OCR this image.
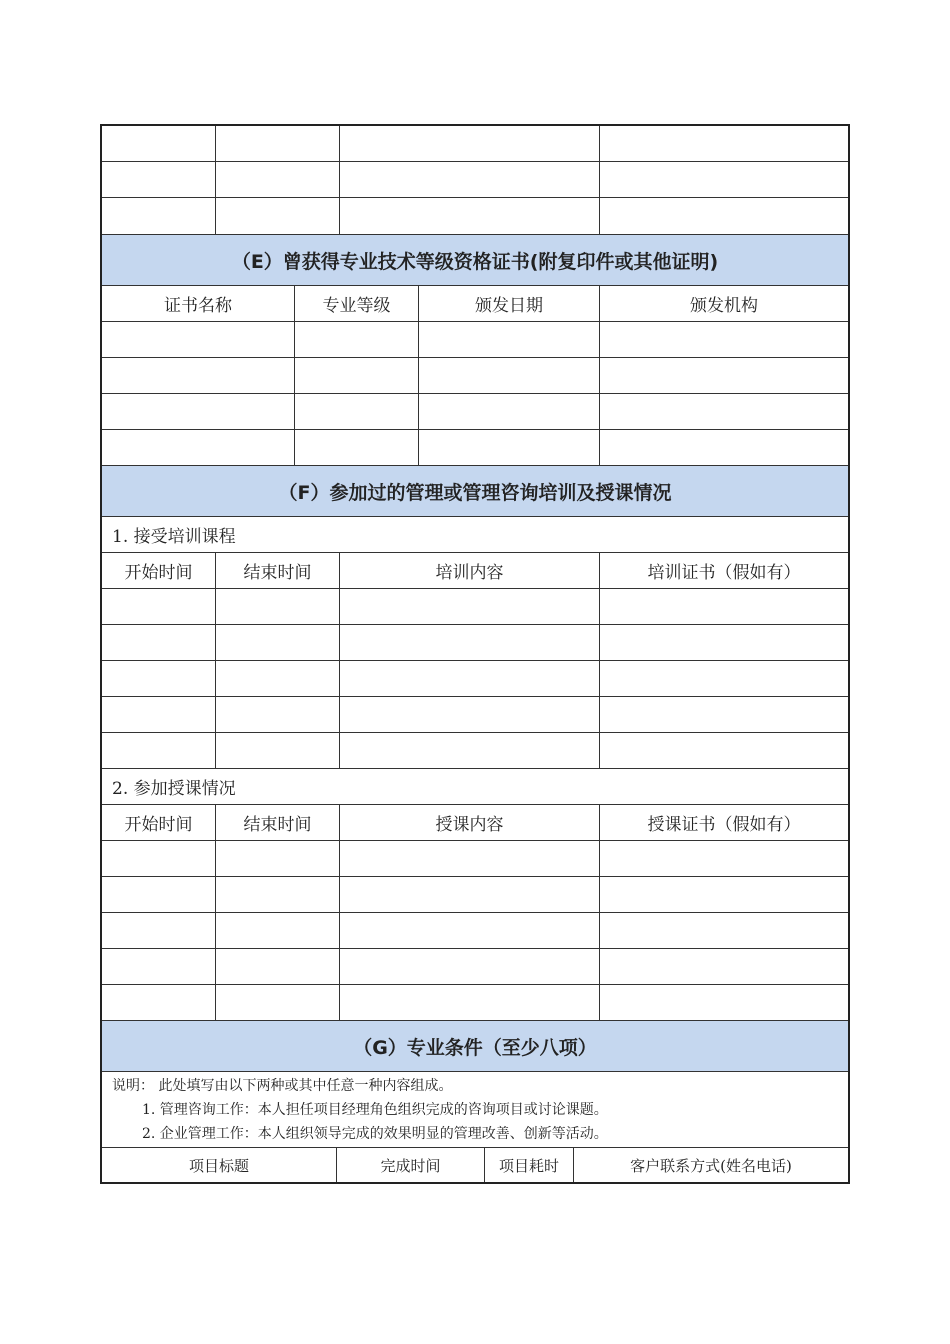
（E）曾获得专业技术等级资格证书(附复印件或其他证明)
证书名称	专业等级	颁发日期	颁发机构
（F）参加过的管理或管理咨询培训及授课情况
1. 接受培训课程
开始时间	结束时间	培训内容	培训证书（假如有）
2. 参加授课情况
开始时间	结束时间	授课内容	授课证书（假如有）
（G）专业条件（至少八项）
说明： 此处填写由以下两种或其中任意一种内容组成。
1. 管理咨询工作：本人担任项目经理角色组织完成的咨询项目或讨论课题。
2. 企业管理工作：本人组织领导完成的效果明显的管理改善、创新等活动。
项目标题	完成时间	项目耗时	客户联系方式(姓名电话)
